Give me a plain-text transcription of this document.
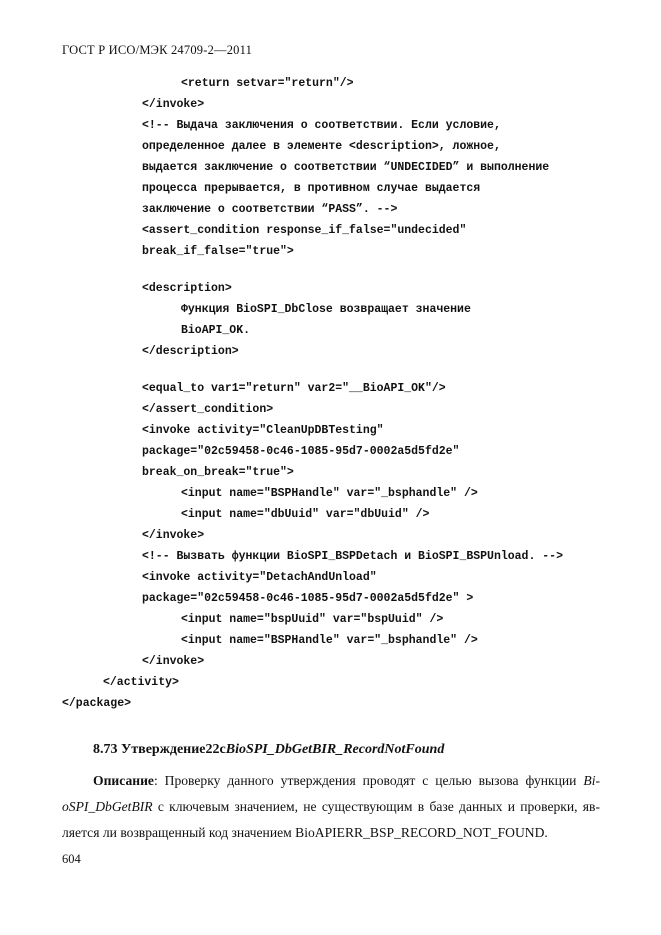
ГОСТ Р ИСО/МЭК 24709-2—2011
<return setvar="return"/>
</invoke>
<!-- Выдача заключения о соответствии. Если условие,
определенное далее в элементе <description>, ложное,
выдается заключение о соответствии “UNDECIDED” и выполнение
процесса прерывается, в противном случае выдается
заключение о соответствии “PASS”. -->
<assert_condition response_if_false="undecided"
break_if_false="true">
<description>
Функция BioSPI_DbClose возвращает значение
BioAPI_OK.
</description>
<equal_to var1="return" var2="__BioAPI_OK"/>
</assert_condition>
<invoke activity="CleanUpDBTesting"
package="02c59458-0c46-1085-95d7-0002a5d5fd2e"
break_on_break="true">
<input name="BSPHandle" var="_bsphandle" />
<input name="dbUuid" var="dbUuid" />
</invoke>
<!-- Вызвать функции BioSPI_BSPDetach и BioSPI_BSPUnload. -->
<invoke activity="DetachAndUnload"
package="02c59458-0c46-1085-95d7-0002a5d5fd2e" >
<input name="bspUuid" var="bspUuid" />
<input name="BSPHandle" var="_bsphandle" />
</invoke>
</activity>
</package>
8.73 Утверждение22сBioSPI_DbGetBIR_RecordNotFound
Описание: Проверку данного утверждения проводят с целью вызова функции Bi-
oSPI_DbGetBIR с ключевым значением, не существующим в базе данных и проверки, яв-
ляется ли возвращенный код значением BioAPIERR_BSP_RECORD_NOT_FOUND.
604
